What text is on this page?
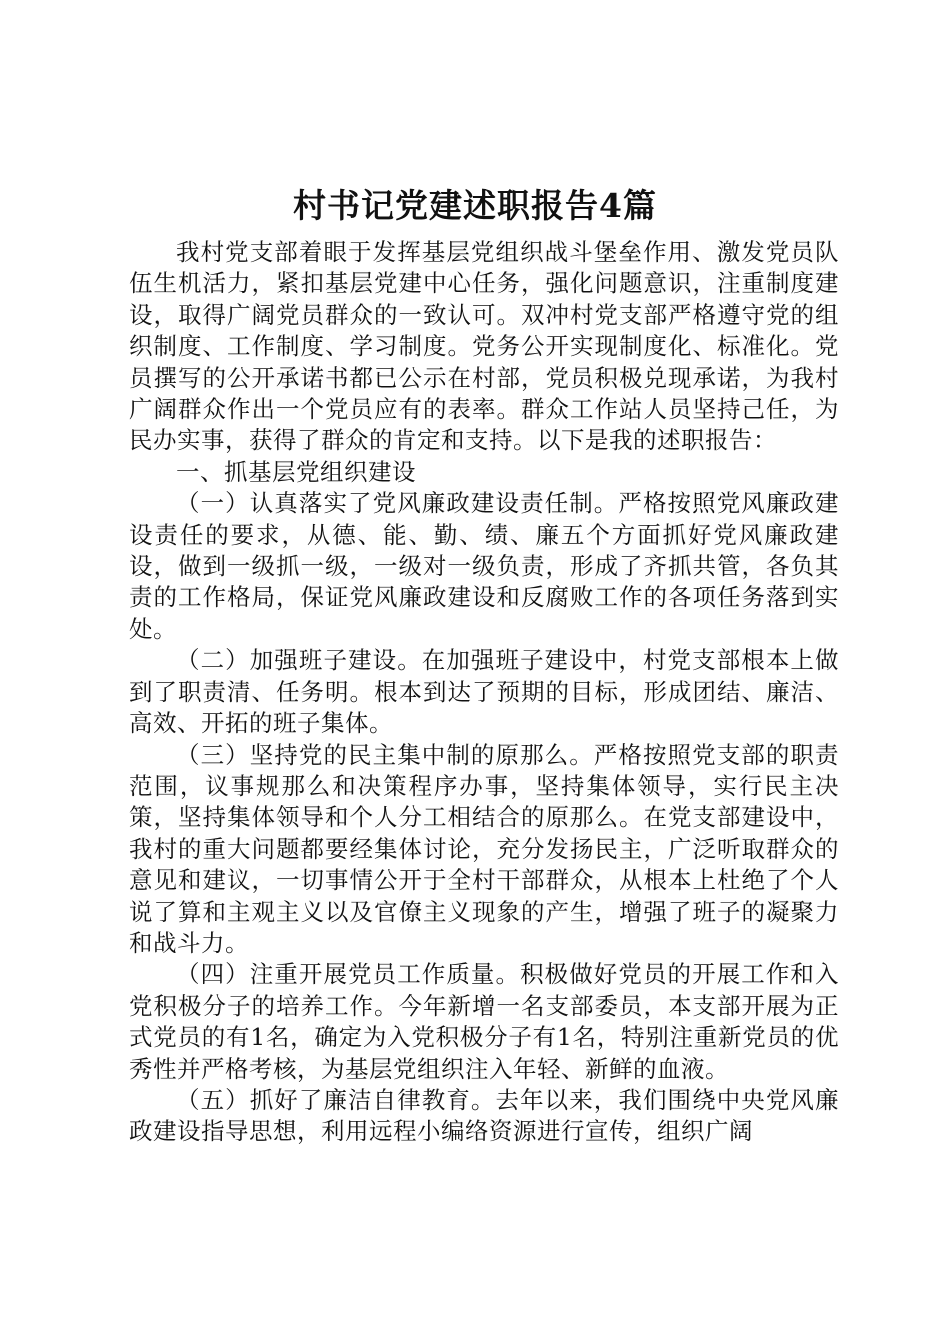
村书记党建述职报告4篇

我村党支部着眼于发挥基层党组织战斗堡垒作用、激发党员队伍生机活力，紧扣基层党建中心任务，强化问题意识，注重制度建设，取得广阔党员群众的一致认可。双冲村党支部严格遵守党的组织制度、工作制度、学习制度。党务公开实现制度化、标准化。党员撰写的公开承诺书都已公示在村部，党员积极兑现承诺，为我村广阔群众作出一个党员应有的表率。群众工作站人员坚持己任，为民办实事，获得了群众的肯定和支持。以下是我的述职报告：

一、抓基层党组织建设

（一）认真落实了党风廉政建设责任制。严格按照党风廉政建设责任的要求，从德、能、勤、绩、廉五个方面抓好党风廉政建设，做到一级抓一级，一级对一级负责，形成了齐抓共管，各负其责的工作格局，保证党风廉政建设和反腐败工作的各项任务落到实处。

（二）加强班子建设。在加强班子建设中，村党支部根本上做到了职责清、任务明。根本到达了预期的目标，形成团结、廉洁、高效、开拓的班子集体。

（三）坚持党的民主集中制的原那么。严格按照党支部的职责范围，议事规那么和决策程序办事，坚持集体领导，实行民主决策，坚持集体领导和个人分工相结合的原那么。在党支部建设中，我村的重大问题都要经集体讨论，充分发扬民主，广泛听取群众的意见和建议，一切事情公开于全村干部群众，从根本上杜绝了个人说了算和主观主义以及官僚主义现象的产生，增强了班子的凝聚力和战斗力。

（四）注重开展党员工作质量。积极做好党员的开展工作和入党积极分子的培养工作。今年新增一名支部委员，本支部开展为正式党员的有1名，确定为入党积极分子有1名，特别注重新党员的优秀性并严格考核，为基层党组织注入年轻、新鲜的血液。

（五）抓好了廉洁自律教育。去年以来，我们围绕中央党风廉政建设指导思想，利用远程小编络资源进行宣传，组织广阔
